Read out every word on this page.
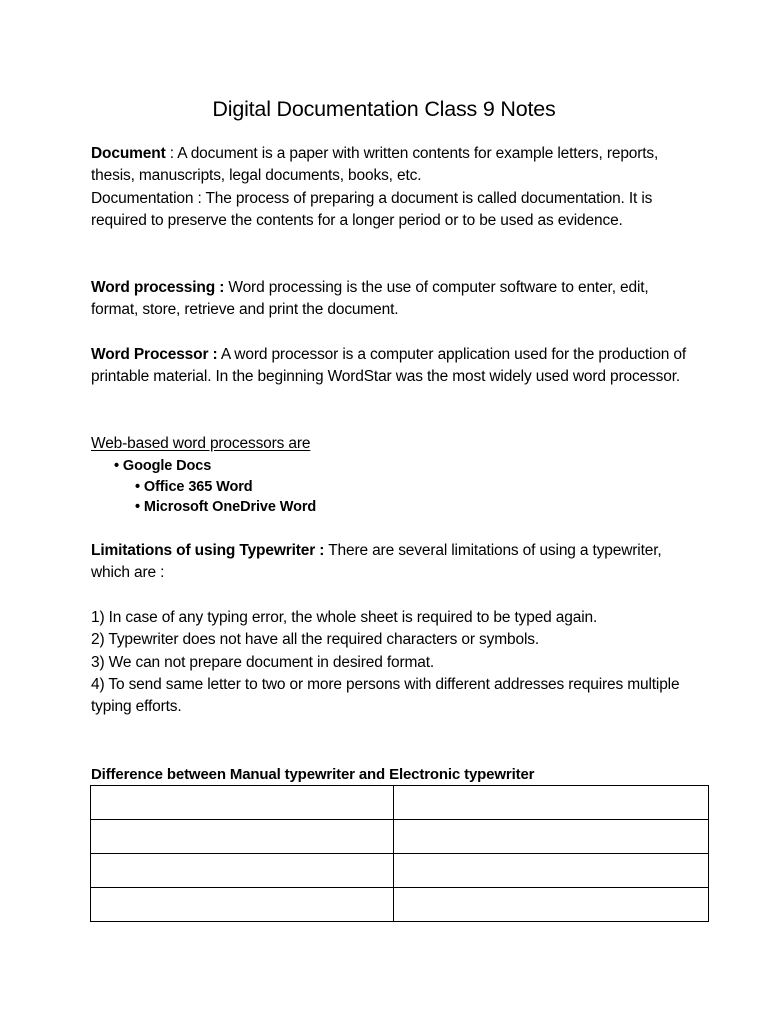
Digital Documentation Class 9 Notes

Document : A document is a paper with written contents for example letters, reports, thesis, manuscripts, legal documents, books, etc.

Documentation : The process of preparing a document is called documentation. It is required to preserve the contents for a longer period or to be used as evidence.

Word processing : Word processing is the use of computer software to enter, edit, format, store, retrieve and print the document.

Word Processor : A word processor is a computer application used for the production of printable material. In the beginning WordStar was the most widely used word processor.

Web-based word processors are

• Google Docs
• Office 365 Word
• Microsoft OneDrive Word

Limitations of using Typewriter : There are several limitations of using a typewriter, which are :

1) In case of any typing error, the whole sheet is required to be typed again.

2) Typewriter does not have all the required characters or symbols.

3) We can not prepare document in desired format.

4) To send same letter to two or more persons with different addresses requires multiple typing efforts.

Difference between Manual typewriter and Electronic typewriter
